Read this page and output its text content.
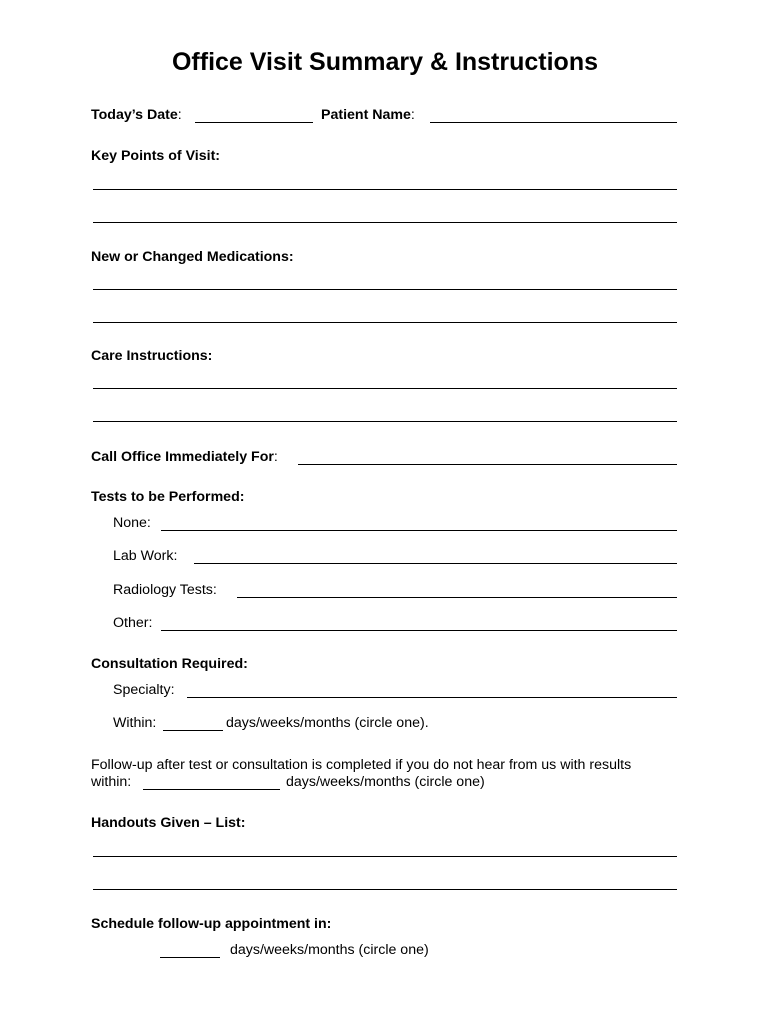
Office Visit Summary & Instructions
Today’s Date:	Patient Name:
Key Points of Visit:
New or Changed Medications:
Care Instructions:
Call Office Immediately For:
Tests to be Performed:
None:
Lab Work:
Radiology Tests:
Other:
Consultation Required:
Specialty:
Within:	days/weeks/months (circle one).
Follow-up after test or consultation is completed if you do not hear from us with results
within:	days/weeks/months (circle one)
Handouts Given – List:
Schedule follow-up appointment in:
days/weeks/months (circle one)
